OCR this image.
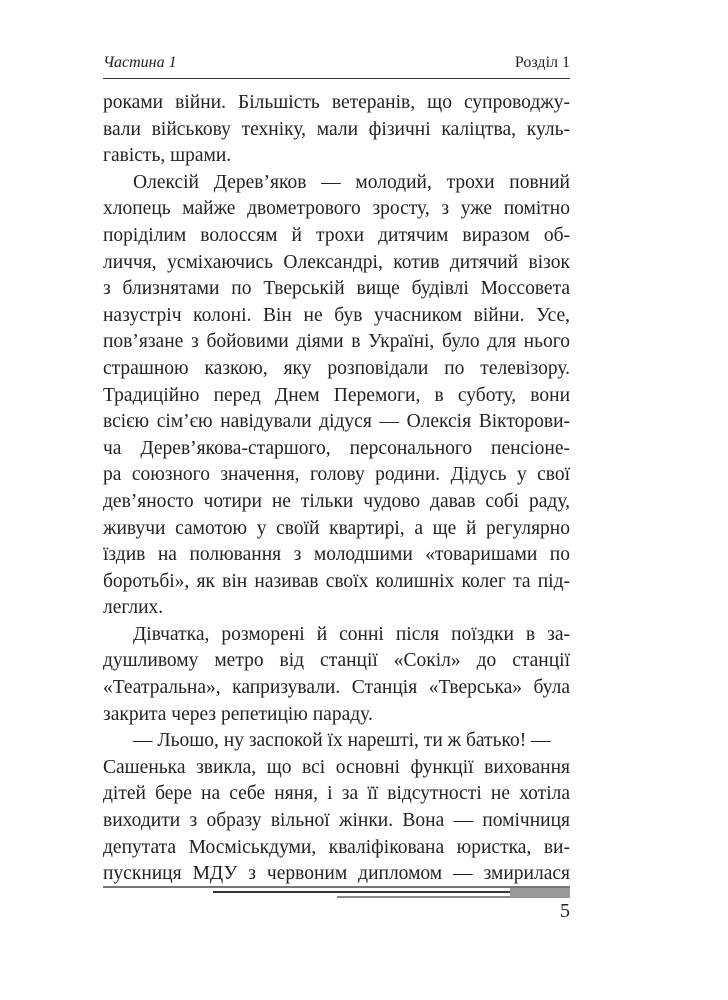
Частина 1	Розділ 1
роками війни. Більшість ветеранів, що супроводжу-
вали військову техніку, мали фізичні каліцтва, куль-
гавість, шрами.
Олексій Дерев’яков — молодий, трохи повний
хлопець майже двометрового зросту, з уже помітно
порідiлим волоссям й трохи дитячим виразом об-
личчя, усміхаючись Олександрі, котив дитячий візок
з близнятами по Тверській вище будівлі Моссовета
назустріч колоні. Він не був учасником війни. Усе,
пов’язане з бойовими діями в Україні, було для нього
страшною казкою, яку розповідали по телевізору.
Традиційно перед Днем Перемоги, в суботу, вони
всією сім’єю навідували дідуся — Олексія Вікторови-
ча Дерев’якова-старшого, персонального пенсіоне-
ра союзного значення, голову родини. Дідусь у свої
дев’яносто чотири не тільки чудово давав собі раду,
живучи самотою у своїй квартирі, а ще й регулярно
їздив на полювання з молодшими «товаришами по
боротьбі», як він називав своїх колишніх колег та під-
леглих.
Дівчатка, розморені й сонні після поїздки в за-
душливому метро від станції «Сокіл» до станції
«Театральна», капризували. Станція «Тверська» була
закрита через репетицію параду.
— Льошо, ну заспокой їх нарешті, ти ж батько! —
Сашенька звикла, що всі основні функції виховання
дітей бере на себе няня, і за її відсутності не хотіла
виходити з образу вільної жінки. Вона — помічниця
депутата Мосміськдуми, кваліфікована юристка, ви-
пускниця МДУ з червоним дипломом — змирилася
5
